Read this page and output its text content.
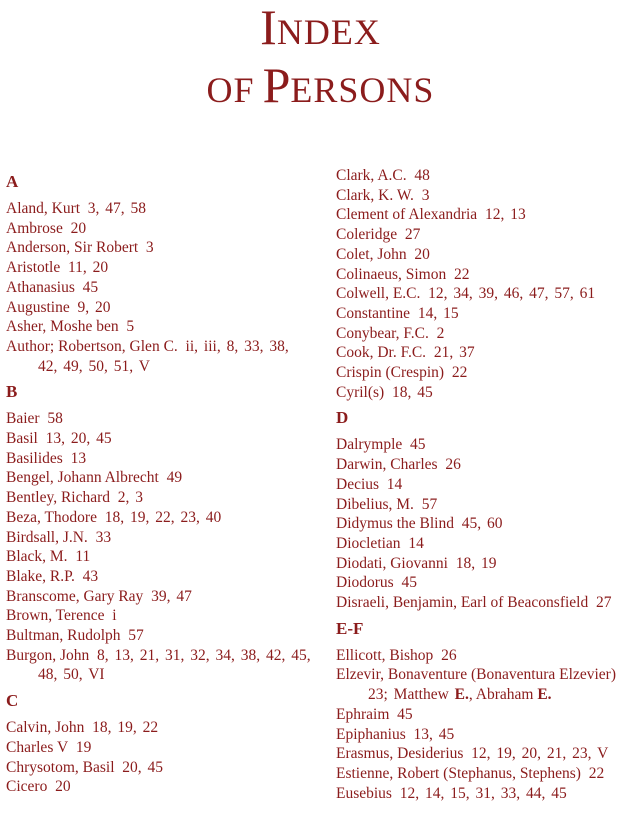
INDEX
OF PERSONS
A
Aland, Kurt 3, 47, 58
Ambrose 20
Anderson, Sir Robert 3
Aristotle 11, 20
Athanasius 45
Augustine 9, 20
Asher, Moshe ben 5
Author; Robertson, Glen C. ii, iii, 8, 33, 38,
42, 49, 50, 51, V
B
Baier 58
Basil 13, 20, 45
Basilides 13
Bengel, Johann Albrecht 49
Bentley, Richard 2, 3
Beza, Thodore 18, 19, 22, 23, 40
Birdsall, J.N. 33
Black, M. 11
Blake, R.P. 43
Branscome, Gary Ray 39, 47
Brown, Terence i
Bultman, Rudolph 57
Burgon, John 8, 13, 21, 31, 32, 34, 38, 42, 45,
48, 50, VI
C
Calvin, John 18, 19, 22
Charles V 19
Chrysotom, Basil 20, 45
Cicero 20
Clark, A.C. 48
Clark, K. W. 3
Clement of Alexandria 12, 13
Coleridge 27
Colet, John 20
Colinaeus, Simon 22
Colwell, E.C. 12, 34, 39, 46, 47, 57, 61
Constantine 14, 15
Conybear, F.C. 2
Cook, Dr. F.C. 21, 37
Crispin (Crespin) 22
Cyril(s) 18, 45
D
Dalrymple 45
Darwin, Charles 26
Decius 14
Dibelius, M. 57
Didymus the Blind 45, 60
Diocletian 14
Diodati, Giovanni 18, 19
Diodorus 45
Disraeli, Benjamin, Earl of Beaconsfield 27
E-F
Ellicott, Bishop 26
Elzevir, Bonaventure (Bonaventura Elzevier)
23; Matthew E., Abraham E.
Ephraim 45
Epiphanius 13, 45
Erasmus, Desiderius 12, 19, 20, 21, 23, V
Estienne, Robert (Stephanus, Stephens) 22
Eusebius 12, 14, 15, 31, 33, 44, 45
